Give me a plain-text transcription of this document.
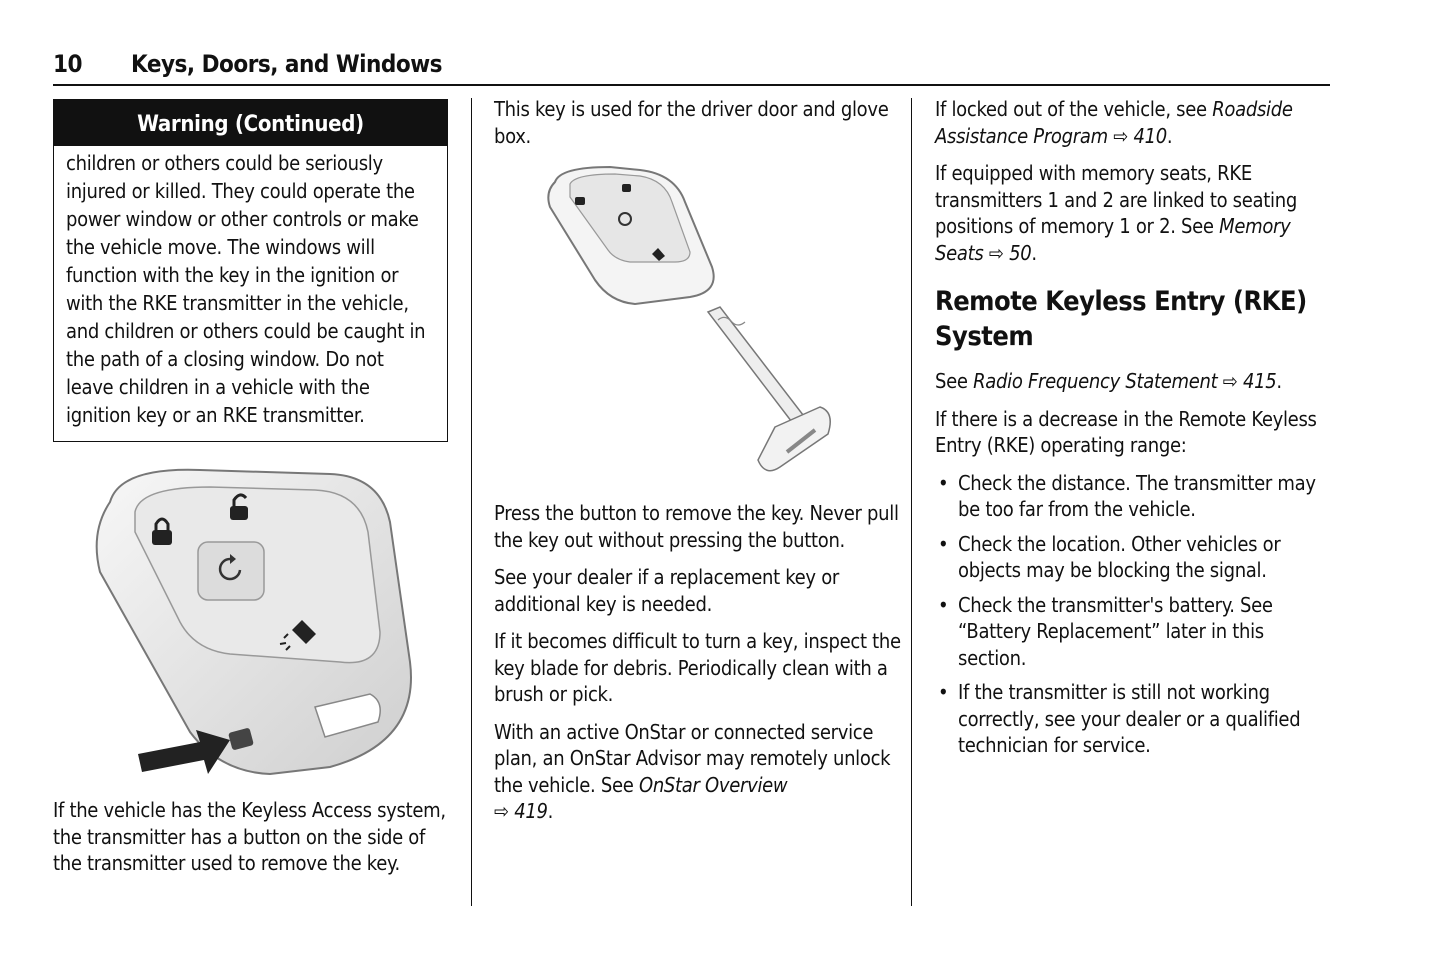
10 Keys, Doors, and Windows
Warning (Continued)
children or others could be seriously injured or killed. They could operate the power window or other controls or make the vehicle move. The windows will function with the key in the ignition or with the RKE transmitter in the vehicle, and children or others could be caught in the path of a closing window. Do not leave children in a vehicle with the ignition key or an RKE transmitter.

If the vehicle has the Keyless Access system, the transmitter has a button on the side of the transmitter used to remove the key.

This key is used for the driver door and glove box.

Press the button to remove the key. Never pull the key out without pressing the button.

See your dealer if a replacement key or additional key is needed.

If it becomes difficult to turn a key, inspect the key blade for debris. Periodically clean with a brush or pick.

With an active OnStar or connected service plan, an OnStar Advisor may remotely unlock the vehicle. See OnStar Overview
⇨ 419.

If locked out of the vehicle, see Roadside Assistance Program ⇨ 410.

If equipped with memory seats, RKE transmitters 1 and 2 are linked to seating positions of memory 1 or 2. See Memory Seats ⇨ 50.

Remote Keyless Entry (RKE) System

See Radio Frequency Statement ⇨ 415.

If there is a decrease in the Remote Keyless Entry (RKE) operating range:

• Check the distance. The transmitter may be too far from the vehicle.
• Check the location. Other vehicles or objects may be blocking the signal.
• Check the transmitter's battery. See “Battery Replacement” later in this section.
• If the transmitter is still not working correctly, see your dealer or a qualified technician for service.
